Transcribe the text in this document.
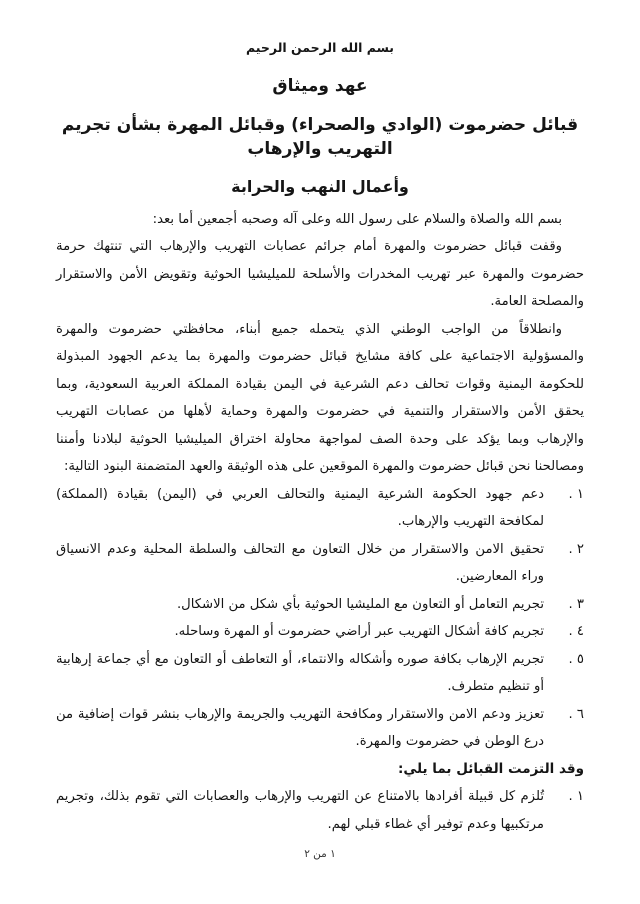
بسم الله الرحمن الرحيم

عهد وميثاق
قبائل حضرموت (الوادي والصحراء) وقبائل المهرة بشأن تجريم التهريب والإرهاب
وأعمال النهب والحرابة

بسم الله والصلاة والسلام على رسول الله وعلى آله وصحبه أجمعين أما بعد:

وقفت قبائل حضرموت والمهرة أمام جرائم عصابات التهريب والإرهاب التي تنتهك حرمة حضرموت والمهرة عبر تهريب المخدرات والأسلحة للميليشيا الحوثية وتقويض الأمن والاستقرار والمصلحة العامة.

وانطلاقاً من الواجب الوطني الذي يتحمله جميع أبناء، محافظتي حضرموت والمهرة والمسؤولية الاجتماعية على كافة مشايخ قبائل حضرموت والمهرة بما يدعم الجهود المبذولة للحكومة اليمنية وقوات تحالف دعم الشرعية في اليمن بقيادة المملكة العربية السعودية، وبما يحقق الأمن والاستقرار والتنمية في حضرموت والمهرة وحماية لأهلها من عصابات التهريب والإرهاب وبما يؤكد على وحدة الصف لمواجهة محاولة اختراق الميليشيا الحوثية لبلادنا وأمننا ومصالحنا نحن قبائل حضرموت والمهرة الموقعين على هذه الوثيقة والعهد المتضمنة البنود التالية:

١ .
دعم جهود الحكومة الشرعية اليمنية والتحالف العربي في (اليمن) بقيادة (المملكة) لمكافحة التهريب والإرهاب.
٢ .
تحقيق الامن والاستقرار من خلال التعاون مع التحالف والسلطة المحلية وعدم الانسياق وراء المعارضين.
٣ .
تجريم التعامل أو التعاون مع المليشيا الحوثية بأي شكل من الاشكال.
٤ .
تجريم كافة أشكال التهريب عبر أراضي حضرموت أو المهرة وساحله.
٥ .
تجريم الإرهاب بكافة صوره وأشكاله والانتماء، أو التعاطف أو التعاون مع أي جماعة إرهابية أو تنظيم متطرف.
٦ .
تعزيز ودعم الامن والاستقرار ومكافحة التهريب والجريمة والإرهاب بنشر قوات إضافية من درع الوطن في حضرموت والمهرة.

وقد التزمت القبائل بما يلي:

١ .
تُلزم كل قبيلة أفرادها بالامتناع عن التهريب والإرهاب والعصابات التي تقوم بذلك، وتجريم مرتكبيها وعدم توفير أي غطاء قبلي لهم.
١ من ٢
